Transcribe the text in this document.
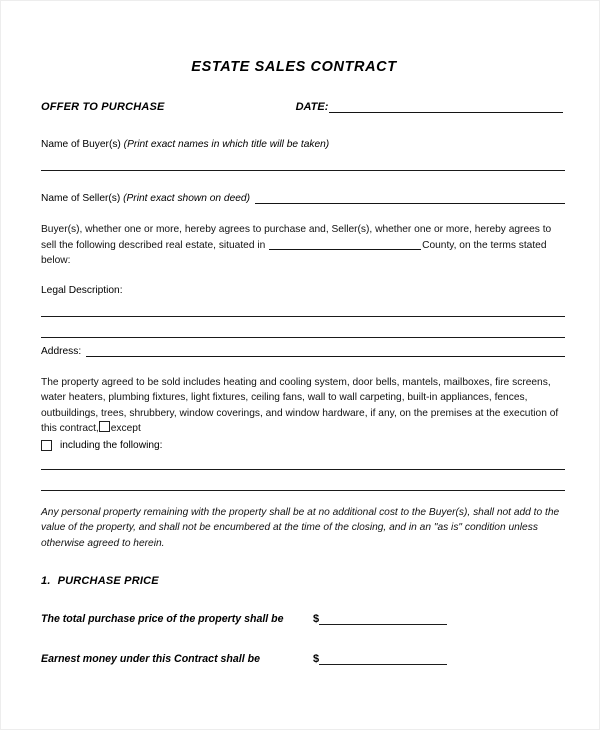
ESTATE SALES CONTRACT
OFFER TO PURCHASE	DATE:
Name of Buyer(s) (Print exact names in which title will be taken)
Name of Seller(s) (Print exact shown on deed)
Buyer(s), whether one or more, hereby agrees to purchase and, Seller(s), whether one or more, hereby agrees to sell the following described real estate, situated in	County, on the terms stated below:
Legal Description:
Address:
The property agreed to be sold includes heating and cooling system, door bells, mantels, mailboxes, fire screens, water heaters, plumbing fixtures, light fixtures, ceiling fans, wall to wall carpeting, built-in appliances, fences, outbuildings, trees, shrubbery, window coverings, and window hardware, if any, on the premises at the execution of this contract, except
including the following:
Any personal property remaining with the property shall be at no additional cost to the Buyer(s), shall not add to the value of the property, and shall not be encumbered at the time of the closing, and in an "as is" condition unless otherwise agreed to herein.
1. PURCHASE PRICE
The total purchase price of the property shall be	$
Earnest money under this Contract shall be	$
